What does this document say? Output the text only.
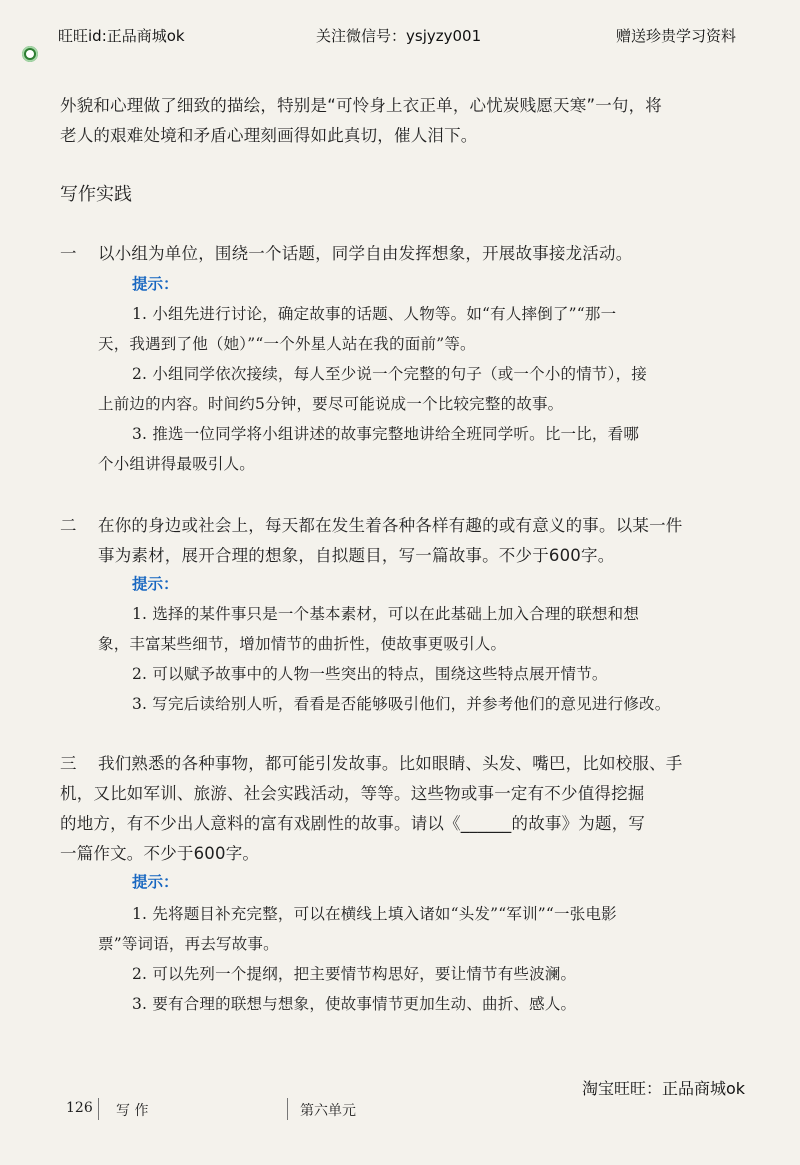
旺旺id:正品商城ok	关注微信号：ysjyzy001	赠送珍贵学习资料
外貌和心理做了细致的描绘，特别是“可怜身上衣正单，心忧炭贱愿天寒”一句，将
老人的艰难处境和矛盾心理刻画得如此真切，催人泪下。
写作实践
一 以小组为单位，围绕一个话题，同学自由发挥想象，开展故事接龙活动。
提示：
1. 小组先进行讨论，确定故事的话题、人物等。如“有人摔倒了”“那一
天，我遇到了他（她）”“一个外星人站在我的面前”等。
2. 小组同学依次接续，每人至少说一个完整的句子（或一个小的情节），接
上前边的内容。时间约5分钟，要尽可能说成一个比较完整的故事。
3. 推选一位同学将小组讲述的故事完整地讲给全班同学听。比一比，看哪
个小组讲得最吸引人。
二 在你的身边或社会上，每天都在发生着各种各样有趣的或有意义的事。以某一件
事为素材，展开合理的想象，自拟题目，写一篇故事。不少于600字。
提示：
1. 选择的某件事只是一个基本素材，可以在此基础上加入合理的联想和想
象，丰富某些细节，增加情节的曲折性，使故事更吸引人。
2. 可以赋予故事中的人物一些突出的特点，围绕这些特点展开情节。
3. 写完后读给别人听，看看是否能够吸引他们，并参考他们的意见进行修改。
三 我们熟悉的各种事物，都可能引发故事。比如眼睛、头发、嘴巴，比如校服、手
机，又比如军训、旅游、社会实践活动，等等。这些物或事一定有不少值得挖掘
的地方，有不少出人意料的富有戏剧性的故事。请以《______的故事》为题，写
一篇作文。不少于600字。
提示：
1. 先将题目补充完整，可以在横线上填入诸如“头发”“军训”“一张电影
票”等词语，再去写故事。
2. 可以先列一个提纲，把主要情节构思好，要让情节有些波澜。
3. 要有合理的联想与想象，使故事情节更加生动、曲折、感人。
淘宝旺旺：正品商城ok
126 写 作	第六单元
